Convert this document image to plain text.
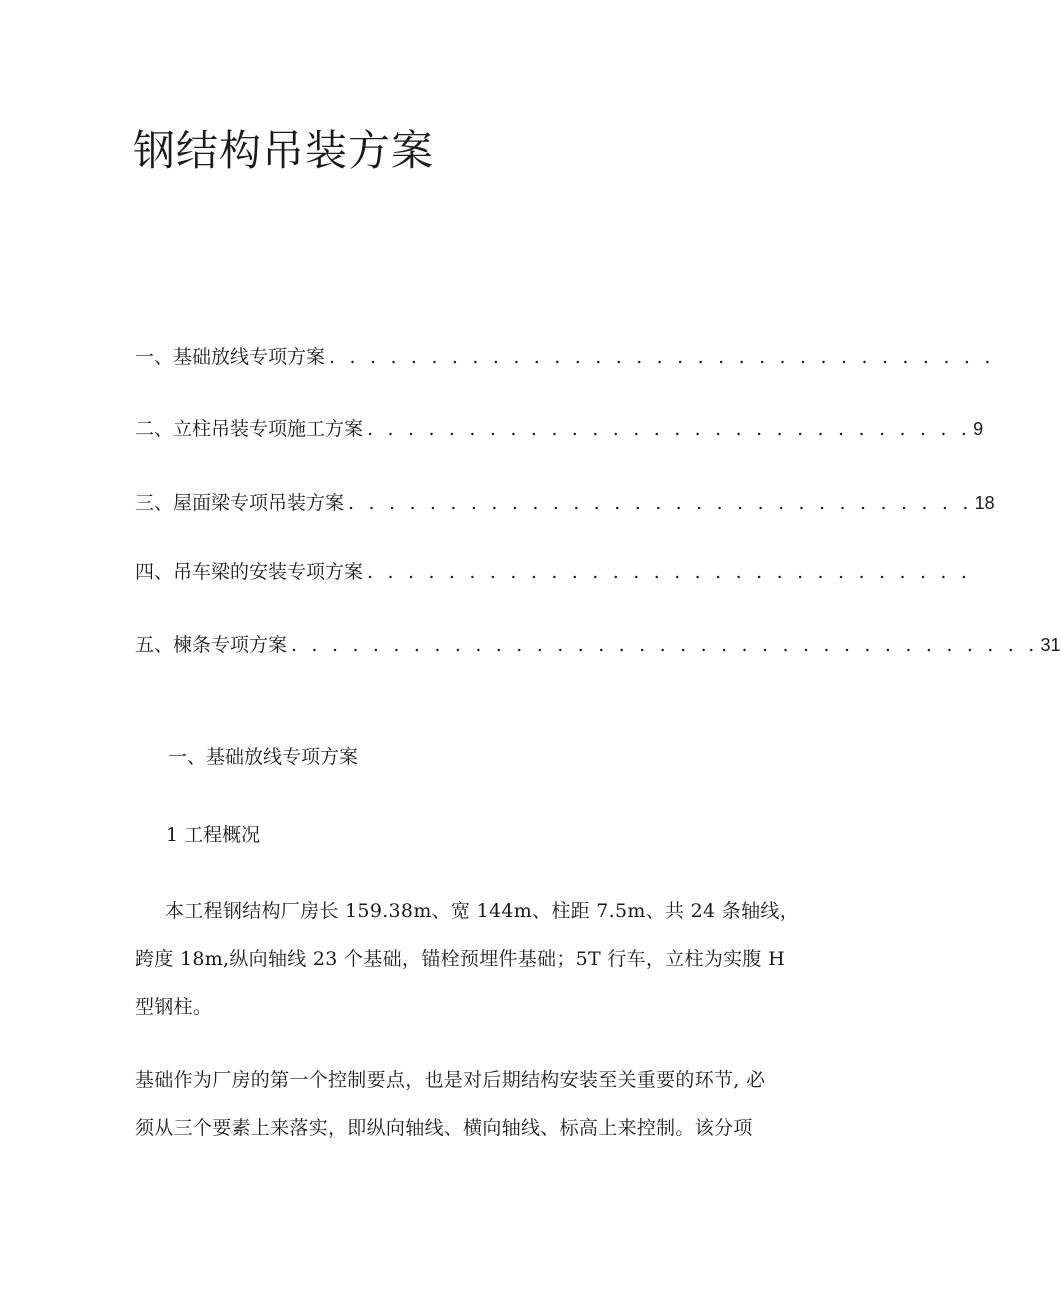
钢结构吊装方案
一、基础放线专项方案 . . . . . . . . . . . . . . . . . . . . . . . . . . . . . . . . .
二、立柱吊装专项施工方案 . . . . . . . . . . . . . . . . . . . . . . . . . . . . . . 9
三、屋面梁专项吊装方案 . . . . . . . . . . . . . . . . . . . . . . . . . . . . . . . 18
四、吊车梁的安装专项方案 . . . . . . . . . . . . . . . . . . . . . . . . . . . . . .
五、楝条专项方案 . . . . . . . . . . . . . . . . . . . . . . . . . . . . . . . . . . . . . 31
一、基础放线专项方案
1 工程概况

本工程钢结构厂房长 159.38m、宽 144m、柱距 7.5m、共 24 条轴线，
跨度 18m,纵向轴线 23 个基础，锚栓预埋件基础；5T 行车，立柱为实腹 H
型钢柱。

基础作为厂房的第一个控制要点，也是对后期结构安装至关重要的环节, 必
须从三个要素上来落实，即纵向轴线、横向轴线、标高上来控制。该分项
